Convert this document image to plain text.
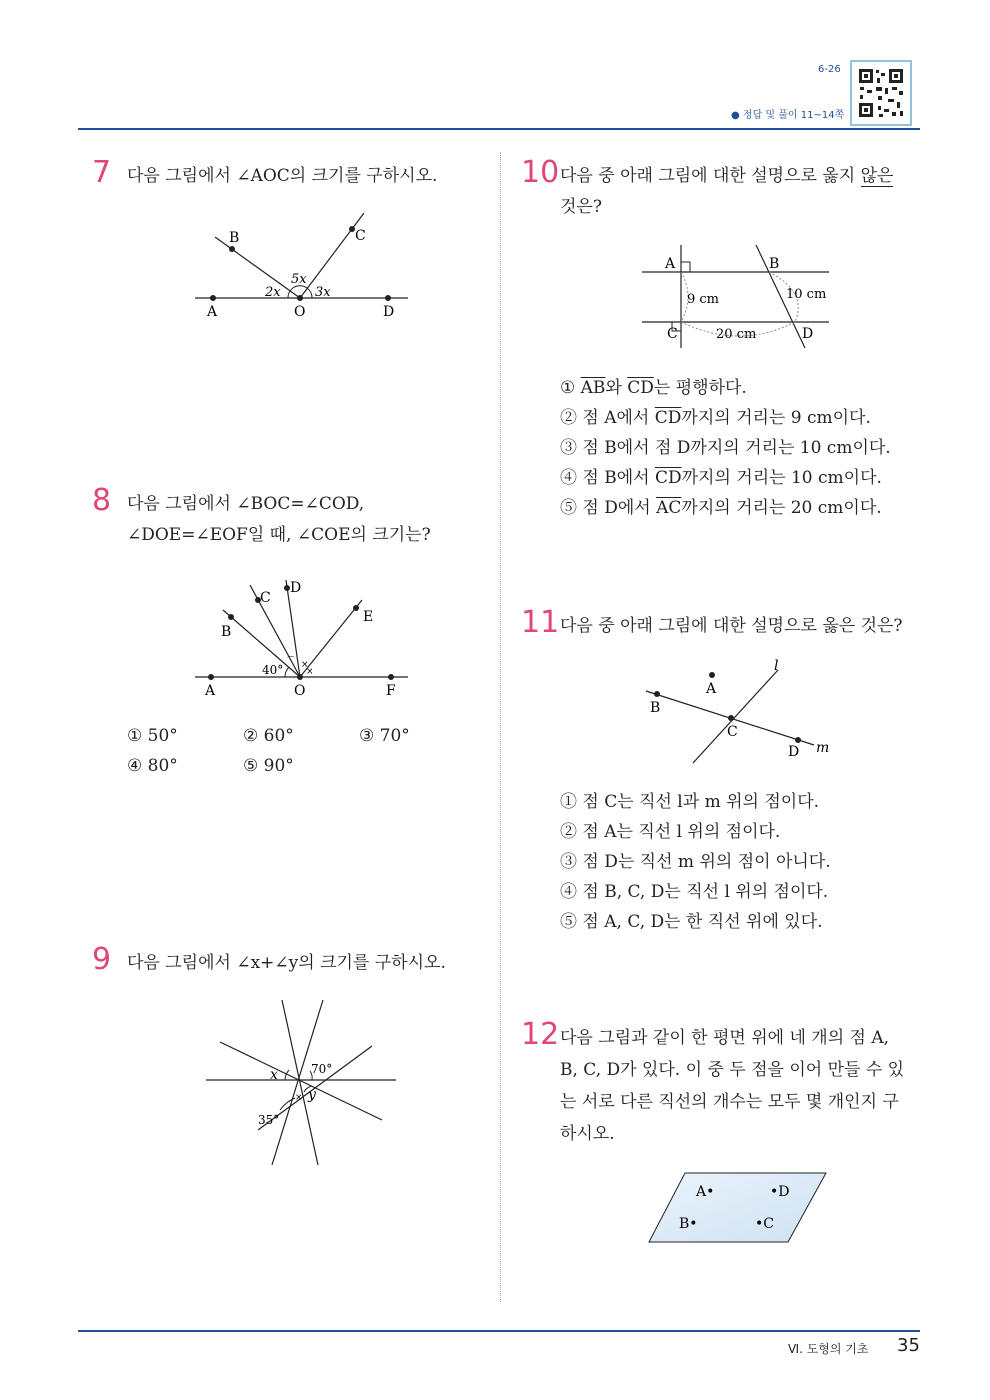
6-26
● 정답 및 풀이 11~14쪽
7 다음 그림에서 ∠AOC의 크기를 구하시오.
A	O	D
B	C
2x
5x
3x
8 다음 그림에서 ∠BOC=∠COD,
∠DOE=∠EOF일 때, ∠COE의 크기는?
⌒ ×
×
A	O	F
B
C
D
E
40°
① 50°	② 60°	③ 70°
④ 80°	⑤ 90°
9 다음 그림에서 ∠x+∠y의 크기를 구하시오.
×
x
y
70°
35°
10 다음 중 아래 그림에 대한 설명으로 옳지 않은
것은?
A	B
C	D
9 cm	10 cm
20 cm
① $\overline{AB}$와 $\overline{CD}$는 평행하다.
② 점 A에서 $\overline{CD}$까지의 거리는 9 cm이다.
③ 점 B에서 점 D까지의 거리는 10 cm이다.
④ 점 B에서 $\overline{CD}$까지의 거리는 10 cm이다.
⑤ 점 D에서 $\overline{AC}$까지의 거리는 20 cm이다.
11 다음 중 아래 그림에 대한 설명으로 옳은 것은?
A
B
C
D
l
m
① 점 C는 직선 l과 m 위의 점이다.
② 점 A는 직선 l 위의 점이다.
③ 점 D는 직선 m 위의 점이 아니다.
④ 점 B, C, D는 직선 l 위의 점이다.
⑤ 점 A, C, D는 한 직선 위에 있다.
12 다음 그림과 같이 한 평면 위에 네 개의 점 A,
B, C, D가 있다. 이 중 두 점을 이어 만들 수 있
는 서로 다른 직선의 개수는 모두 몇 개인지 구
하시오.
A•	•D
B•	•C
Ⅵ. 도형의 기초 35
